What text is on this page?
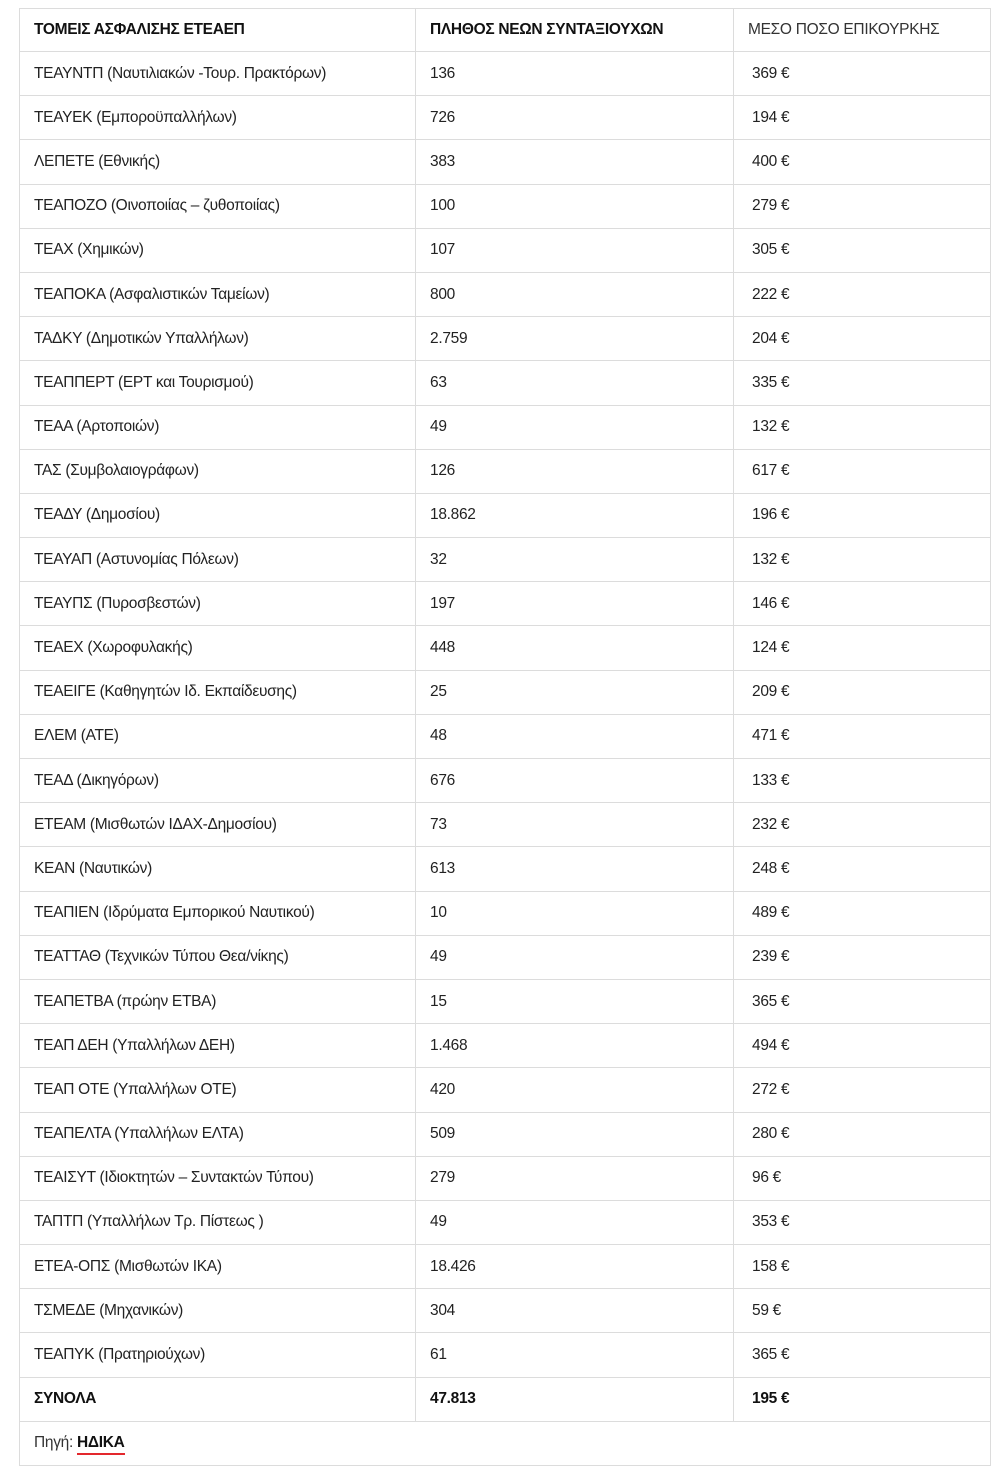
ΤΟΜΕΙΣ ΑΣΦΑΛΙΣΗΣ ΕΤΕΑΕΠ	ΠΛΗΘΟΣ ΝΕΩΝ ΣΥΝΤΑΞΙΟΥΧΩΝ	ΜΕΣΟ ΠΟΣΟ ΕΠΙΚΟΥΡΚΗΣ
ΤΕΑΥΝΤΠ (Ναυτιλιακών -Τουρ. Πρακτόρων)	136	369 €
ΤΕΑΥΕΚ (Εμποροϋπαλλήλων)	726	194 €
ΛΕΠΕΤΕ (Εθνικής)	383	400 €
ΤΕΑΠΟΖΟ (Οινοποιίας – ζυθοποιίας)	100	279 €
ΤΕΑΧ (Χημικών)	107	305 €
ΤΕΑΠΟΚΑ (Ασφαλιστικών Ταμείων)	800	222 €
ΤΑΔΚΥ (Δημοτικών Υπαλλήλων)	2.759	204 €
ΤΕΑΠΠΕΡΤ (ΕΡΤ και Τουρισμού)	63	335 €
ΤΕΑΑ (Αρτοποιών)	49	132 €
ΤΑΣ (Συμβολαιογράφων)	126	617 €
ΤΕΑΔΥ (Δημοσίου)	18.862	196 €
ΤΕΑΥΑΠ (Αστυνομίας Πόλεων)	32	132 €
ΤΕΑΥΠΣ (Πυροσβεστών)	197	146 €
ΤΕΑΕΧ (Χωροφυλακής)	448	124 €
ΤΕΑΕΙΓΕ (Καθηγητών Ιδ. Εκπαίδευσης)	25	209 €
ΕΛΕΜ (ΑΤΕ)	48	471 €
ΤΕΑΔ (Δικηγόρων)	676	133 €
ΕΤΕΑΜ (Μισθωτών ΙΔΑΧ-Δημοσίου)	73	232 €
ΚΕΑΝ (Ναυτικών)	613	248 €
ΤΕΑΠΙΕΝ (Ιδρύματα Εμπορικού Ναυτικού)	10	489 €
ΤΕΑΤΤΑΘ (Τεχνικών Τύπου Θεα/νίκης)	49	239 €
ΤΕΑΠΕΤΒΑ (πρώην ΕΤΒΑ)	15	365 €
ΤΕΑΠ ΔΕΗ (Υπαλλήλων ΔΕΗ)	1.468	494 €
ΤΕΑΠ ΟΤΕ (Υπαλλήλων ΟΤΕ)	420	272 €
ΤΕΑΠΕΛΤΑ (Υπαλλήλων ΕΛΤΑ)	509	280 €
ΤΕΑΙΣΥΤ (Ιδιοκτητών – Συντακτών Τύπου)	279	96 €
ΤΑΠΤΠ (Υπαλλήλων Τρ. Πίστεως )	49	353 €
ΕΤΕΑ-ΟΠΣ (Μισθωτών ΙΚΑ)	18.426	158 €
ΤΣΜΕΔΕ (Μηχανικών)	304	59 €
ΤΕΑΠΥΚ (Πρατηριούχων)	61	365 €
ΣΥΝΟΛΑ	47.813	195 €
Πηγή: ΗΔΙΚΑ		
